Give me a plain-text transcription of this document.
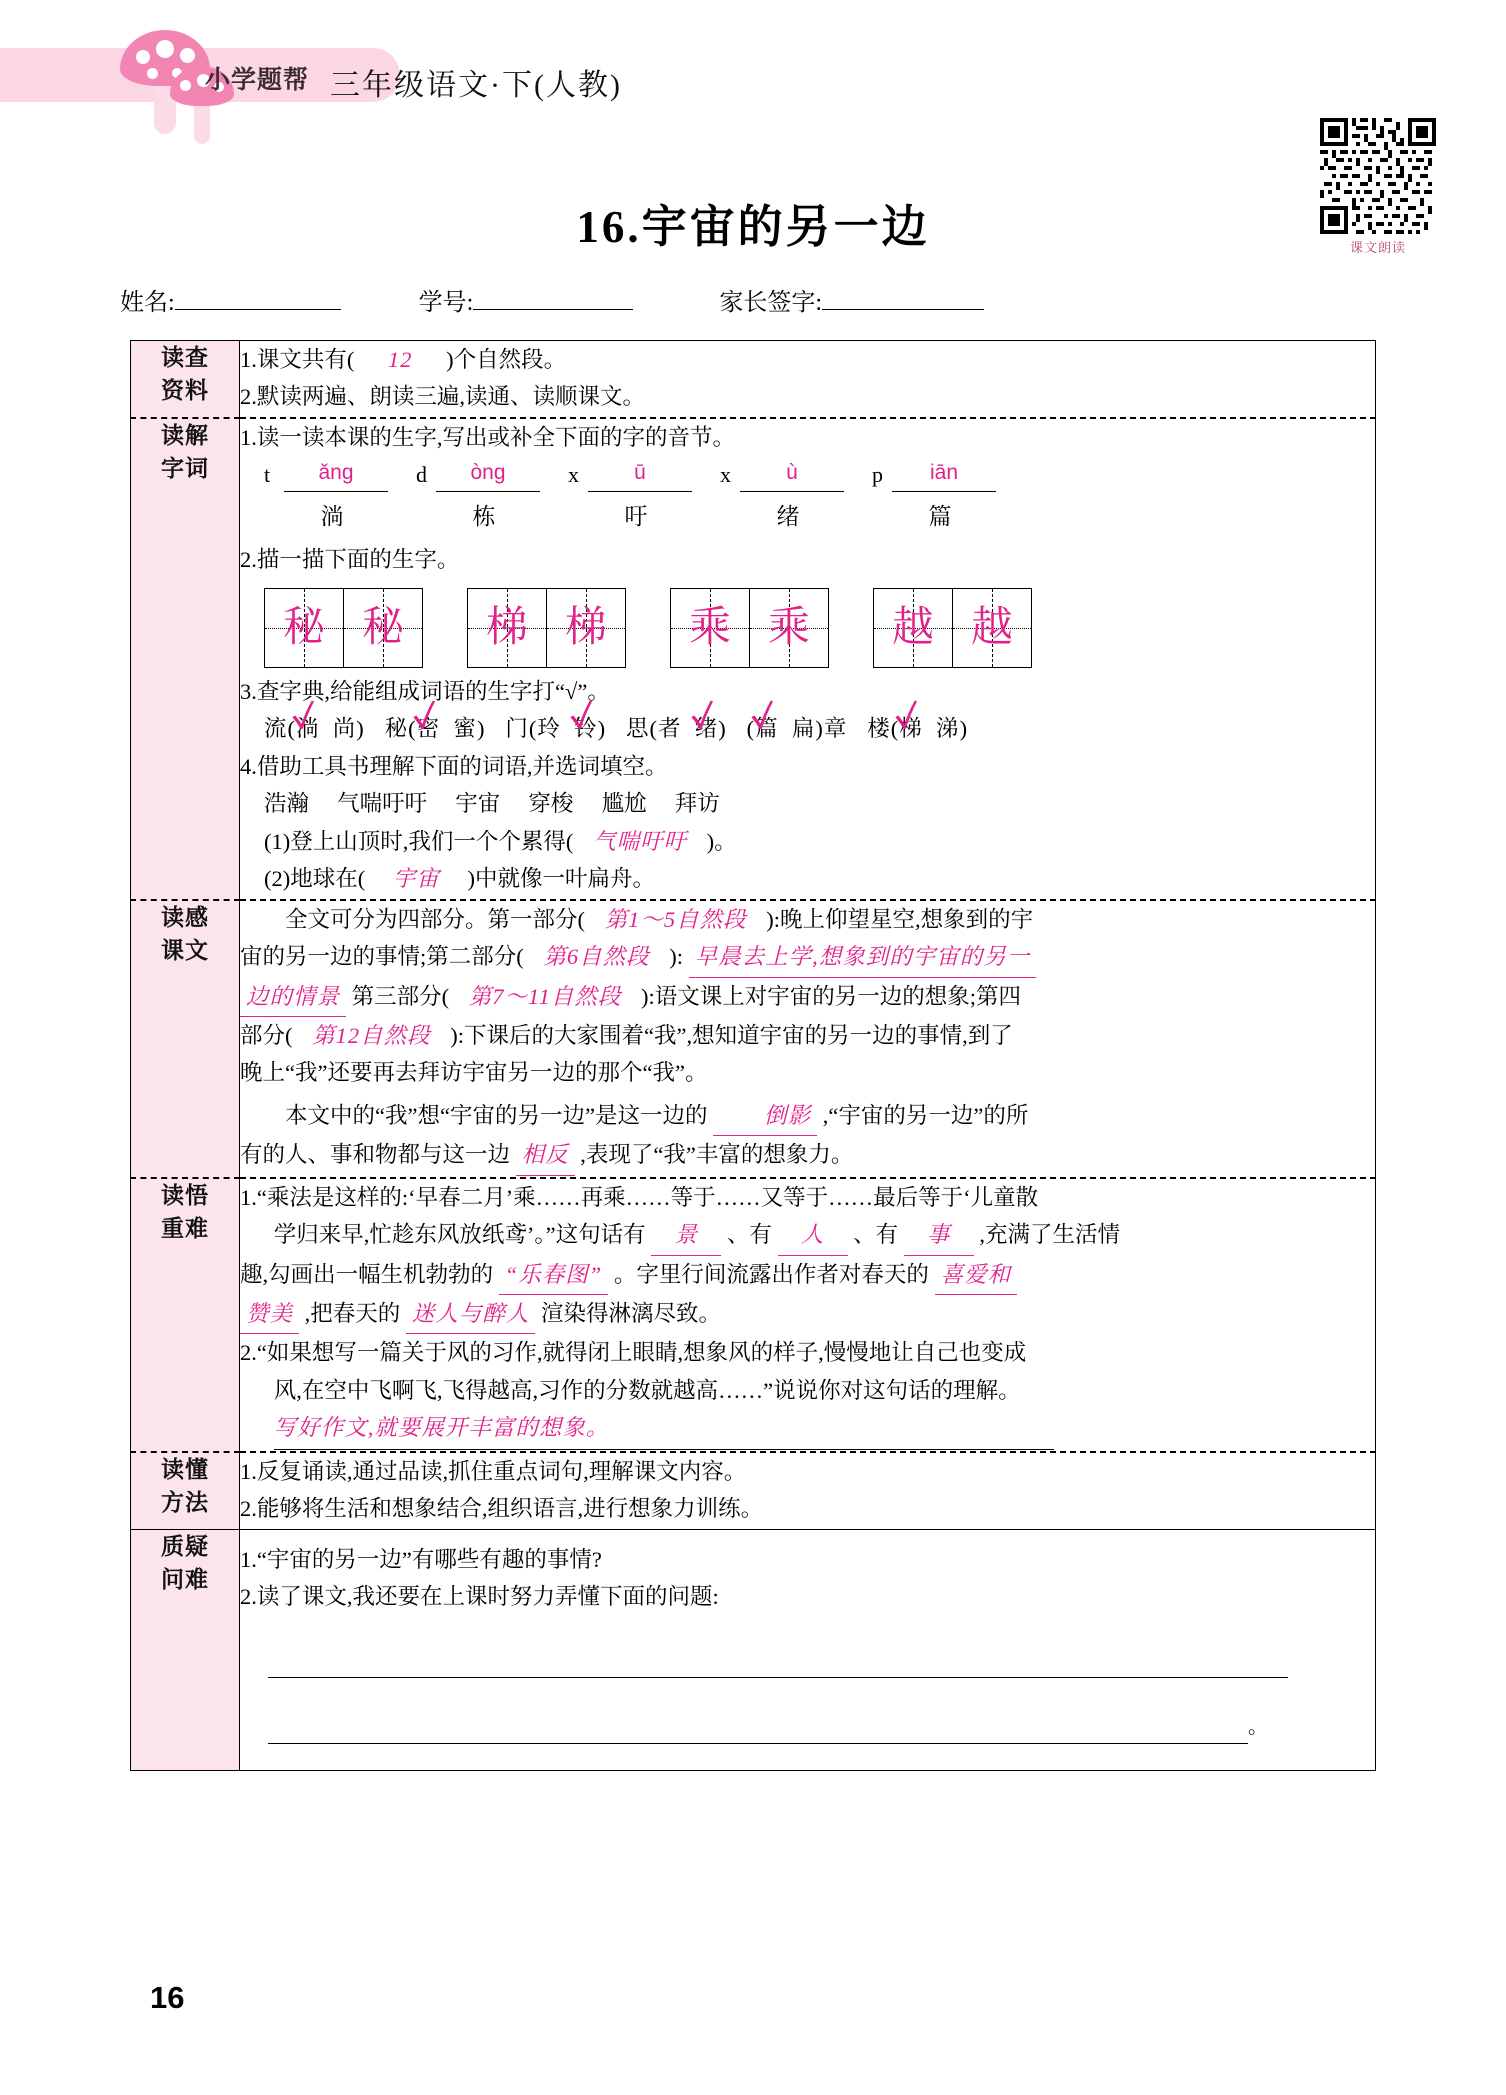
小学题帮 三年级语文·下(人教)
课文朗读
16.宇宙的另一边
姓名:	学号:	家长签字:
读查
资料

1.课文共有( 12 )个自然段。
2.默读两遍、朗读三遍,读通、读顺课文。

读解
字词

1.读一读本课的生字,写出或补全下面的字的音节。
t	ǎng
淌
d	òng
栋
x	ū
吁
x	ù
绪
p	iān
篇
2.描一描下面的生字。
秘 秘 梯 梯 乘 乘 越 越
3.查字典,给能组成词语的生字打“√”。
流(淌 ✓ 尚) 秘(密 ✓ 蜜) 门(玲 铃 ✓) 思(者 绪 ✓) (篇 ✓ 扁)章 楼(梯 ✓ 涕)
4.借助工具书理解下面的词语,并选词填空。
浩瀚 气喘吁吁 宇宙 穿梭 尴尬 拜访
(1)登上山顶时,我们一个个累得( 气喘吁吁 )。
(2)地球在( 宇宙 )中就像一叶扁舟。

读感
课文

全文可分为四部分。第一部分( 第1～5自然段 ):晚上仰望星空,想象到的宇
宙的另一边的事情;第二部分( 第6自然段 ): 早晨去上学,想象到的宇宙的另一
边的情景 第三部分( 第7～11自然段 ):语文课上对宇宙的另一边的想象;第四
部分( 第12自然段 ):下课后的大家围着“我”,想知道宇宙的另一边的事情,到了
晚上“我”还要再去拜访宇宙另一边的那个“我”。
本文中的“我”想“宇宙的另一边”是这一边的	倒影 ,“宇宙的另一边”的所
有的人、事和物都与这一边 相反 ,表现了“我”丰富的想象力。

读悟
重难

1.“乘法是这样的:‘早春二月’乘……再乘……等于……又等于……最后等于‘儿童散
学归来早,忙趁东风放纸鸢’。”这句话有 景 、有 人 、有 事 ,充满了生活情
趣,勾画出一幅生机勃勃的 “乐春图” 。字里行间流露出作者对春天的 喜爱和
赞美 ,把春天的 迷人与醉人 渲染得淋漓尽致。
2.“如果想写一篇关于风的习作,就得闭上眼睛,想象风的样子,慢慢地让自己也变成
风,在空中飞啊飞,飞得越高,习作的分数就越高……”说说你对这句话的理解。
写好作文,就要展开丰富的想象。

读懂
方法

1.反复诵读,通过品读,抓住重点词句,理解课文内容。
2.能够将生活和想象结合,组织语言,进行想象力训练。

质疑
问难

1.“宇宙的另一边”有哪些有趣的事情?
2.读了课文,我还要在上课时努力弄懂下面的问题:
。
16
